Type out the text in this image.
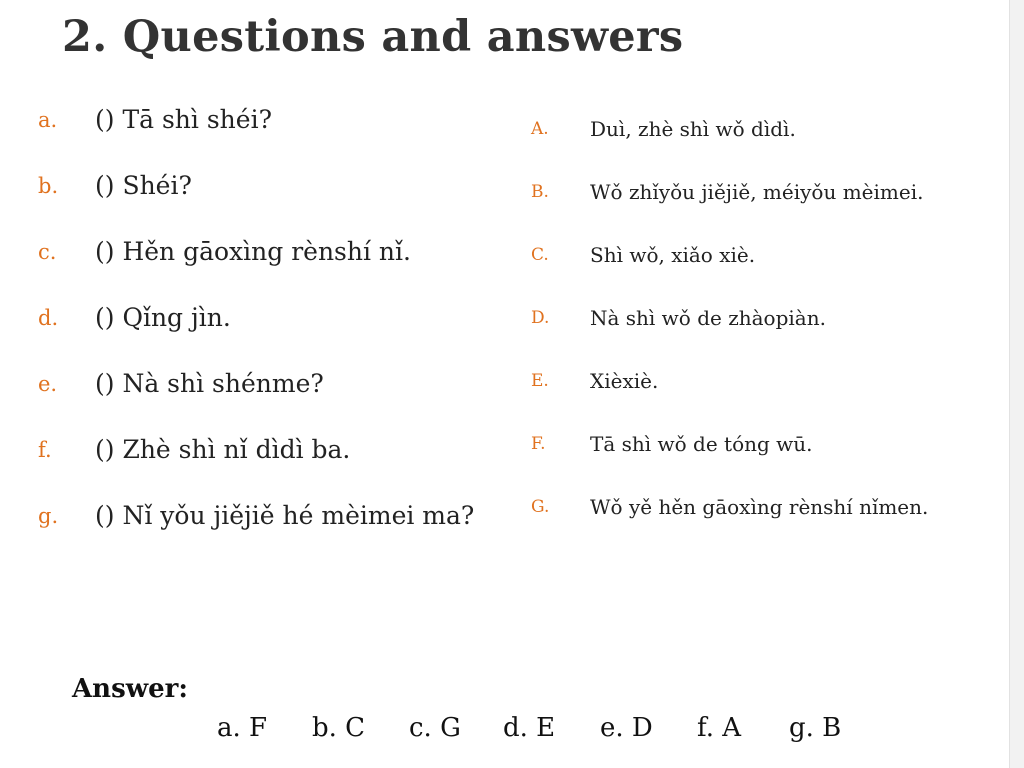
2. Questions and answers
a.	() Tā shì shéi?
b.	() Shéi?
c.	() Hěn gāoxìng rènshí nǐ.
d.	() Qǐng jìn.
e.	() Nà shì shénme?
f.	() Zhè shì nǐ dìdì ba.
g.	() Nǐ yǒu jiějiě hé mèimei ma?
A.	Duì, zhè shì wǒ dìdì.
B.	Wǒ zhǐyǒu jiějiě, méiyǒu mèimei.
C.	Shì wǒ, xiǎo xiè.
D.	Nà shì wǒ de zhàopiàn.
E.	Xièxiè.
F.	Tā shì wǒ de tóng wū.
G.	Wǒ yě hěn gāoxìng rènshí nǐmen.
Answer:
a. F	b. C	c. G	d. E	e. D	f. A	g. B
